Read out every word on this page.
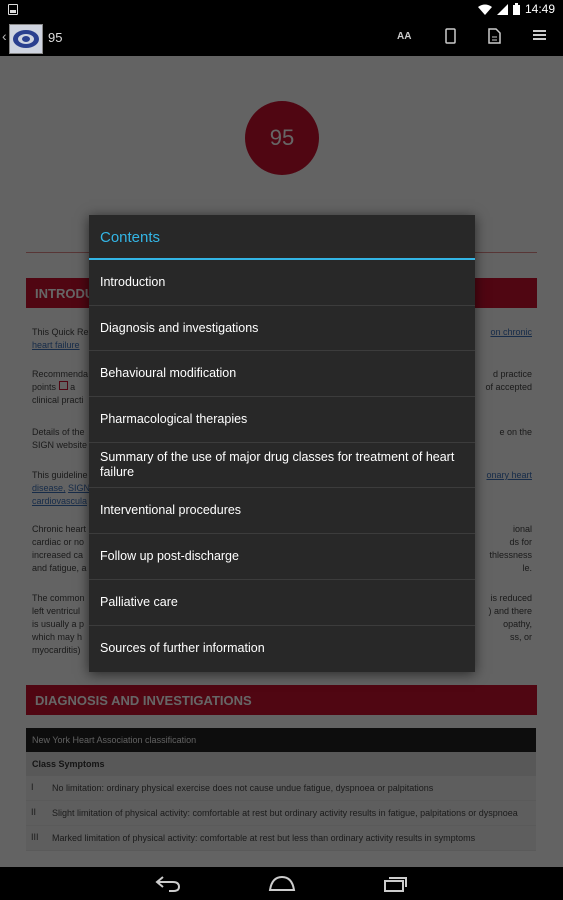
14:49
‹	95	AA
Contents
Introduction
Diagnosis and investigations
Behavioural modification
Pharmacological therapies
Summary of the use of major drug classes for treatment of heart failure
Interventional procedures
Follow up post-discharge
Palliative care
Sources of further information
